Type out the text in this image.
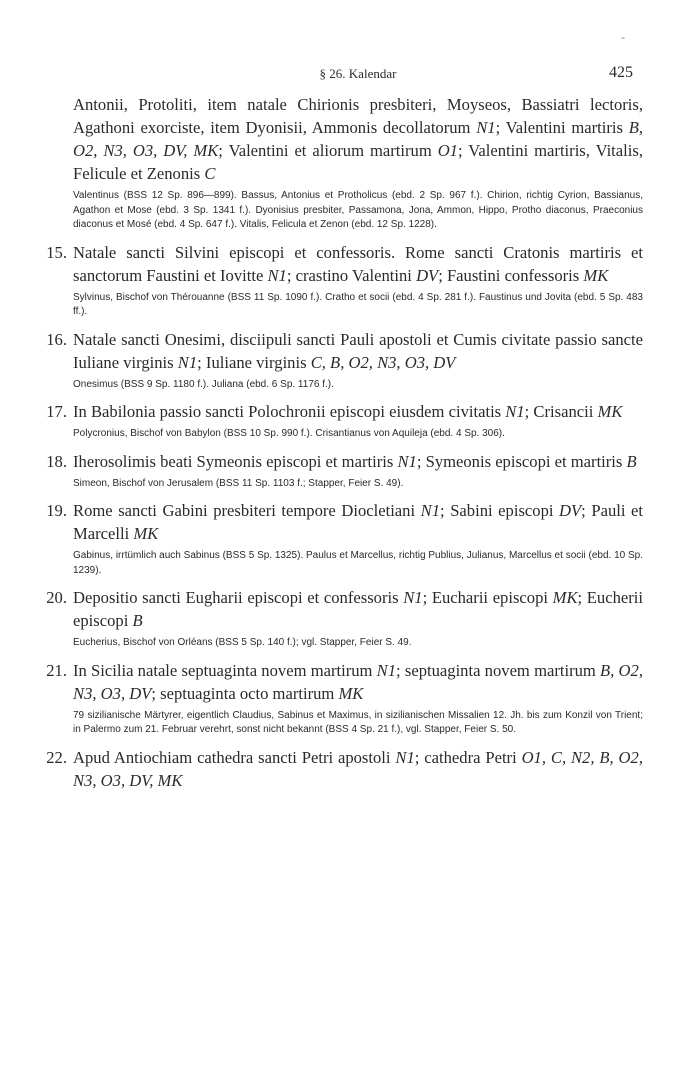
-
§ 26. Kalendar	425
Antonii, Protoliti, item natale Chirionis presbiteri, Moyseos, Bassiatri lectoris, Agathoni exorciste, item Dyonisii, Ammonis decollatorum N1; Valentini martiris B, O2, N3, O3, DV, MK; Valentini et aliorum martirum O1; Valentini martiris, Vitalis, Felicule et Zenonis C
Valentinus (BSS 12 Sp. 896—899). Bassus, Antonius et Protholicus (ebd. 2 Sp. 967 f.). Chirion, richtig Cyrion, Bassianus, Agathon et Mose (ebd. 3 Sp. 1341 f.). Dyonisius presbiter, Passamona, Jona, Ammon, Hippo, Protho diaconus, Praeconius diaconus et Mosé (ebd. 4 Sp. 647 f.). Vitalis, Felicula et Zenon (ebd. 12 Sp. 1228).
15. Natale sancti Silvini episcopi et confessoris. Rome sancti Cratonis martiris et sanctorum Faustini et Iovitte N1; crastino Valentini DV; Faustini confessoris MK
Sylvinus, Bischof von Thérouanne (BSS 11 Sp. 1090 f.). Cratho et socii (ebd. 4 Sp. 281 f.). Faustinus und Jovita (ebd. 5 Sp. 483 ff.).
16. Natale sancti Onesimi, disciipuli sancti Pauli apostoli et Cumis civitate passio sancte Iuliane virginis N1; Iuliane virginis C, B, O2, N3, O3, DV
Onesimus (BSS 9 Sp. 1180 f.). Juliana (ebd. 6 Sp. 1176 f.).
17. In Babilonia passio sancti Polochronii episcopi eiusdem civitatis N1; Crisancii MK
Polycronius, Bischof von Babylon (BSS 10 Sp. 990 f.). Crisantianus von Aquileja (ebd. 4 Sp. 306).
18. Iherosolimis beati Symeonis episcopi et martiris N1; Symeonis episcopi et martiris B
Simeon, Bischof von Jerusalem (BSS 11 Sp. 1103 f.; Stapper, Feier S. 49).
19. Rome sancti Gabini presbiteri tempore Diocletiani N1; Sabini episcopi DV; Pauli et Marcelli MK
Gabinus, irrtümlich auch Sabinus (BSS 5 Sp. 1325). Paulus et Marcellus, richtig Publius, Julianus, Marcellus et socii (ebd. 10 Sp. 1239).
20. Depositio sancti Eugharii episcopi et confessoris N1; Eucharii episcopi MK; Eucherii episcopi B
Eucherius, Bischof von Orléans (BSS 5 Sp. 140 f.); vgl. Stapper, Feier S. 49.
21. In Sicilia natale septuaginta novem martirum N1; septuaginta novem martirum B, O2, N3, O3, DV; septuaginta octo martirum MK
79 sizilianische Märtyrer, eigentlich Claudius, Sabinus et Maximus, in sizilianischen Missalien 12. Jh. bis zum Konzil von Trient; in Palermo zum 21. Februar verehrt, sonst nicht bekannt (BSS 4 Sp. 21 f.), vgl. Stapper, Feier S. 50.
22. Apud Antiochiam cathedra sancti Petri apostoli N1; cathedra Petri O1, C, N2, B, O2, N3, O3, DV, MK
